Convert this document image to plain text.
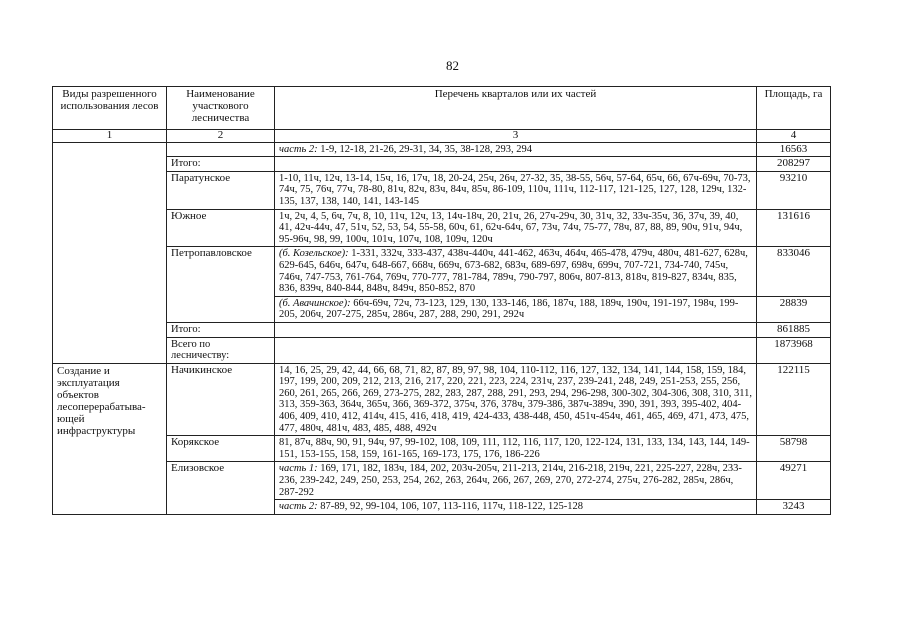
82
Виды разрешенного использования лесов	Наименование участкового лесничества	Перечень кварталов или их частей	Площадь, га
1	2	3	4
		часть 2: 1-9, 12-18, 21-26, 29-31, 34, 35, 38-128, 293, 294	16563
	Итого:		208297
	Паратунское	1-10, 11ч, 12ч, 13-14, 15ч, 16, 17ч, 18, 20-24, 25ч, 26ч, 27-32, 35, 38-55, 56ч, 57-64, 65ч, 66, 67ч-69ч, 70-73, 74ч, 75, 76ч, 77ч, 78-80, 81ч, 82ч, 83ч, 84ч, 85ч, 86-109, 110ч, 111ч, 112-117, 121-125, 127, 128, 129ч, 132-135, 137, 138, 140, 141, 143-145	93210
	Южное	1ч, 2ч, 4, 5, 6ч, 7ч, 8, 10, 11ч, 12ч, 13, 14ч-18ч, 20, 21ч, 26, 27ч-29ч, 30, 31ч, 32, 33ч-35ч, 36, 37ч, 39, 40, 41, 42ч-44ч, 47, 51ч, 52, 53, 54, 55-58, 60ч, 61, 62ч-64ч, 67, 73ч, 74ч, 75-77, 78ч, 87, 88, 89, 90ч, 91ч, 94ч, 95-96ч, 98, 99, 100ч, 101ч, 107ч, 108, 109ч, 120ч	131616
	Петропавловское	(б. Козельское): 1-331, 332ч, 333-437, 438ч-440ч, 441-462, 463ч, 464ч, 465-478, 479ч, 480ч, 481-627, 628ч, 629-645, 646ч, 647ч, 648-667, 668ч, 669ч, 673-682, 683ч, 689-697, 698ч, 699ч, 707-721, 734-740, 745ч, 746ч, 747-753, 761-764, 769ч, 770-777, 781-784, 789ч, 790-797, 806ч, 807-813, 818ч, 819-827, 834ч, 835, 836, 839ч, 840-844, 848ч, 849ч, 850-852, 870	833046
		(б. Авачинское): 66ч-69ч, 72ч, 73-123, 129, 130, 133-146, 186, 187ч, 188, 189ч, 190ч, 191-197, 198ч, 199-205, 206ч, 207-275, 285ч, 286ч, 287, 288, 290, 291, 292ч	28839
	Итого:		861885
	Всего по лесничеству:		1873968
Создание и эксплуатация объектов лесоперерабатыва-ющей инфраструктуры	Начикинское	14, 16, 25, 29, 42, 44, 66, 68, 71, 82, 87, 89, 97, 98, 104, 110-112, 116, 127, 132, 134, 141, 144, 158, 159, 184, 197, 199, 200, 209, 212, 213, 216, 217, 220, 221, 223, 224, 231ч, 237, 239-241, 248, 249, 251-253, 255, 256, 260, 261, 265, 266, 269, 273-275, 282, 283, 287, 288, 291, 293, 294, 296-298, 300-302, 304-306, 308, 310, 311, 313, 359-363, 364ч, 365ч, 366, 369-372, 375ч, 376, 378ч, 379-386, 387ч-389ч, 390, 391, 393, 395-402, 404-406, 409, 410, 412, 414ч, 415, 416, 418, 419, 424-433, 438-448, 450, 451ч-454ч, 461, 465, 469, 471, 473, 475, 477, 480ч, 481ч, 483, 485, 488, 492ч	122115
	Корякское	81, 87ч, 88ч, 90, 91, 94ч, 97, 99-102, 108, 109, 111, 112, 116, 117, 120, 122-124, 131, 133, 134, 143, 144, 149-151, 153-155, 158, 159, 161-165, 169-173, 175, 176, 186-226	58798
	Елизовское	часть 1: 169, 171, 182, 183ч, 184, 202, 203ч-205ч, 211-213, 214ч, 216-218, 219ч, 221, 225-227, 228ч, 233-236, 239-242, 249, 250, 253, 254, 262, 263, 264ч, 266, 267, 269, 270, 272-274, 275ч, 276-282, 285ч, 286ч, 287-292	49271
		часть 2: 87-89, 92, 99-104, 106, 107, 113-116, 117ч, 118-122, 125-128	3243
